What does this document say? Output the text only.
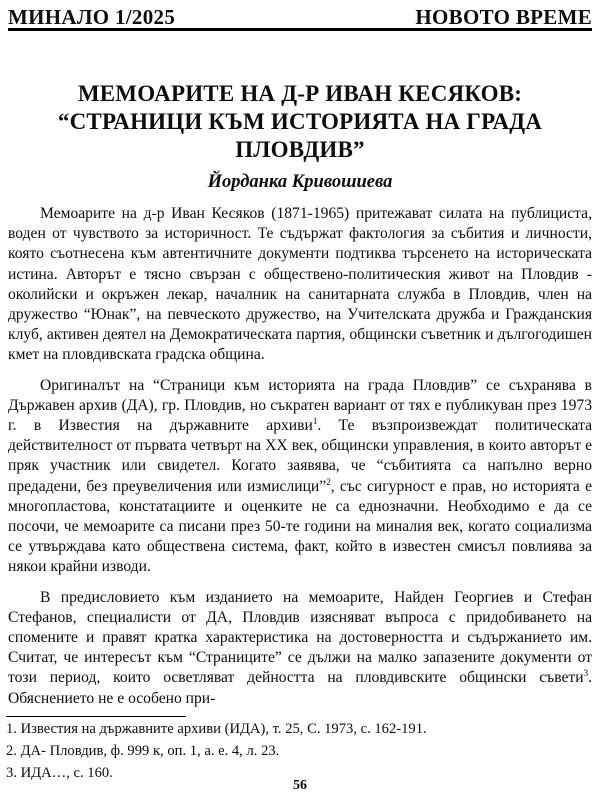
МИНАЛО 1/2025	НОВОТО ВРЕМЕ
МЕМОАРИТЕ НА Д-Р ИВАН КЕСЯКОВ:
“СТРАНИЦИ КЪМ ИСТОРИЯТА НА ГРАДА
ПЛОВДИВ”
Йорданка Кривошиева

Мемоарите на д-р Иван Кесяков (1871-1965) притежават силата на публициста, воден от чувството за историчност. Те съдържат фактология за събития и личности, която съотнесена към автентичните документи подтиква търсенето на историческата истина. Авторът е тясно свързан с обществено-политическия живот на Пловдив - околийски и окръжен лекар, началник на санитарната служба в Пловдив, член на дружество “Юнак”, на певческото дружество, на Учителската дружба и Гражданския клуб, активен деятел на Демократическата партия, общински съветник и дългогодишен кмет на пловдивската градска община.

Оригиналът на “Страници към историята на града Пловдив” се съхранява в Държавен архив (ДА), гр. Пловдив, но съкратен вариант от тях е публикуван през 1973 г. в Известия на държавните архиви$^1$. Те възпроизвеждат политическата действителност от първата четвърт на XX век, общински управления, в които авторът е пряк участник или свидетел. Когато заявява, че “събитията са напълно верно предадени, без преувеличения или измислици”$^2$, със сигурност е прав, но историята е многопластова, констатациите и оценките не са еднозначни. Необходимо е да се посочи, че мемоарите са писани през 50-те години на миналия век, когато социализма се утвърждава като обществена система, факт, който в известен смисъл повлиява за някои крайни изводи.

В предисловието към изданието на мемоарите, Найден Георгиев и Стефан Стефанов, специалисти от ДА, Пловдив изясняват въпроса с придобиването на спомените и правят кратка характеристика на достоверността и съдържанието им. Считат, че интересът към “Страниците” се дължи на малко запазените документи от този период, които осветляват дейността на пловдивските общински съвети$^3$. Обяснението не е особено при-

1. Известия на държавните архиви (ИДА), т. 25, С. 1973, с. 162-191.
2. ДА- Пловдив, ф. 999 к, оп. 1, а. е. 4, л. 23.
3. ИДА…, с. 160.
56
